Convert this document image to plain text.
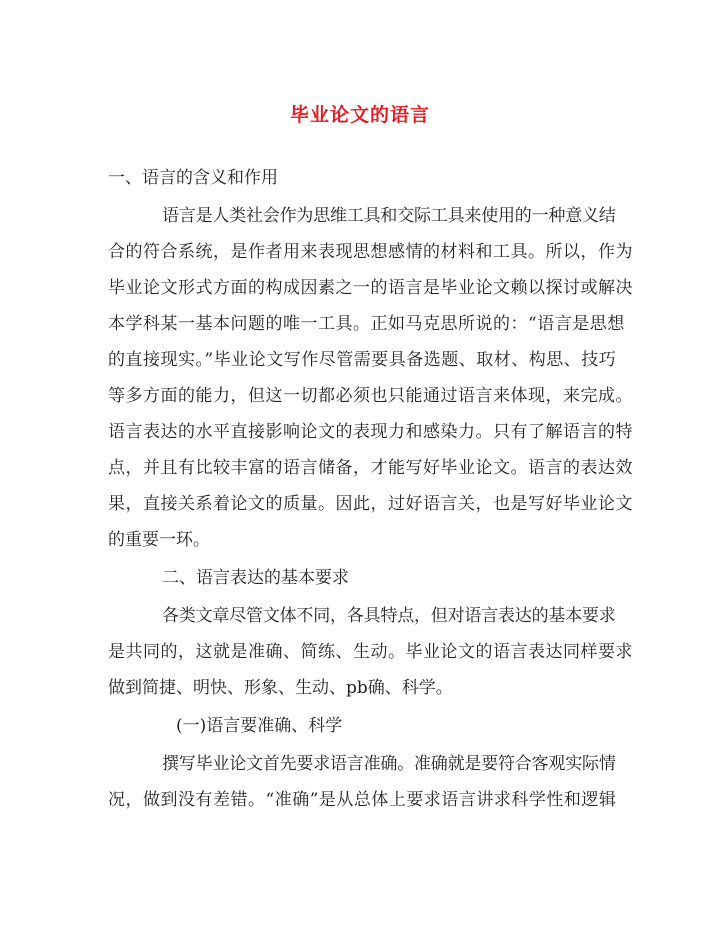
毕业论文的语言
一、语言的含义和作用
语言是人类社会作为思维工具和交际工具来使用的一种意义结
合的符合系统，是作者用来表现思想感情的材料和工具。所以，作为
毕业论文形式方面的构成因素之一的语言是毕业论文赖以探讨或解决
本学科某一基本问题的唯一工具。正如马克思所说的：“语言是思想
的直接现实。”毕业论文写作尽管需要具备选题、取材、构思、技巧
等多方面的能力，但这一切都必须也只能通过语言来体现，来完成。
语言表达的水平直接影响论文的表现力和感染力。只有了解语言的特
点，并且有比较丰富的语言储备，才能写好毕业论文。语言的表达效
果，直接关系着论文的质量。因此，过好语言关，也是写好毕业论文
的重要一环。
二、语言表达的基本要求
各类文章尽管文体不同，各具特点，但对语言表达的基本要求
是共同的，这就是准确、简练、生动。毕业论文的语言表达同样要求
做到简捷、明快、形象、生动、pb确、科学。
(一)语言要准确、科学
撰写毕业论文首先要求语言准确。准确就是要符合客观实际情
况，做到没有差错。“准确”是从总体上要求语言讲求科学性和逻辑
